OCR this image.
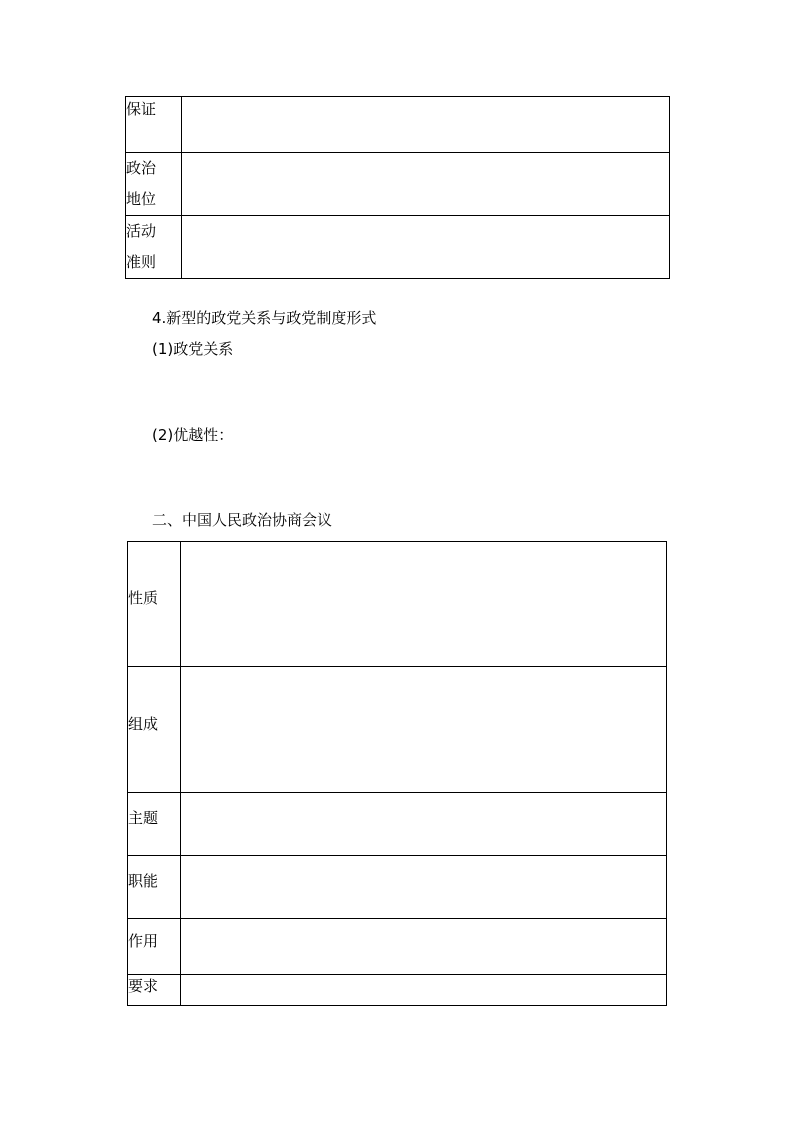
保证	

政治
地位	

活动
准则	

4.新型的政党关系与政党制度形式
(1)政党关系
(2)优越性：
二、中国人民政治协商会议
性质	

组成	

主题	

职能	

作用	

要求	
